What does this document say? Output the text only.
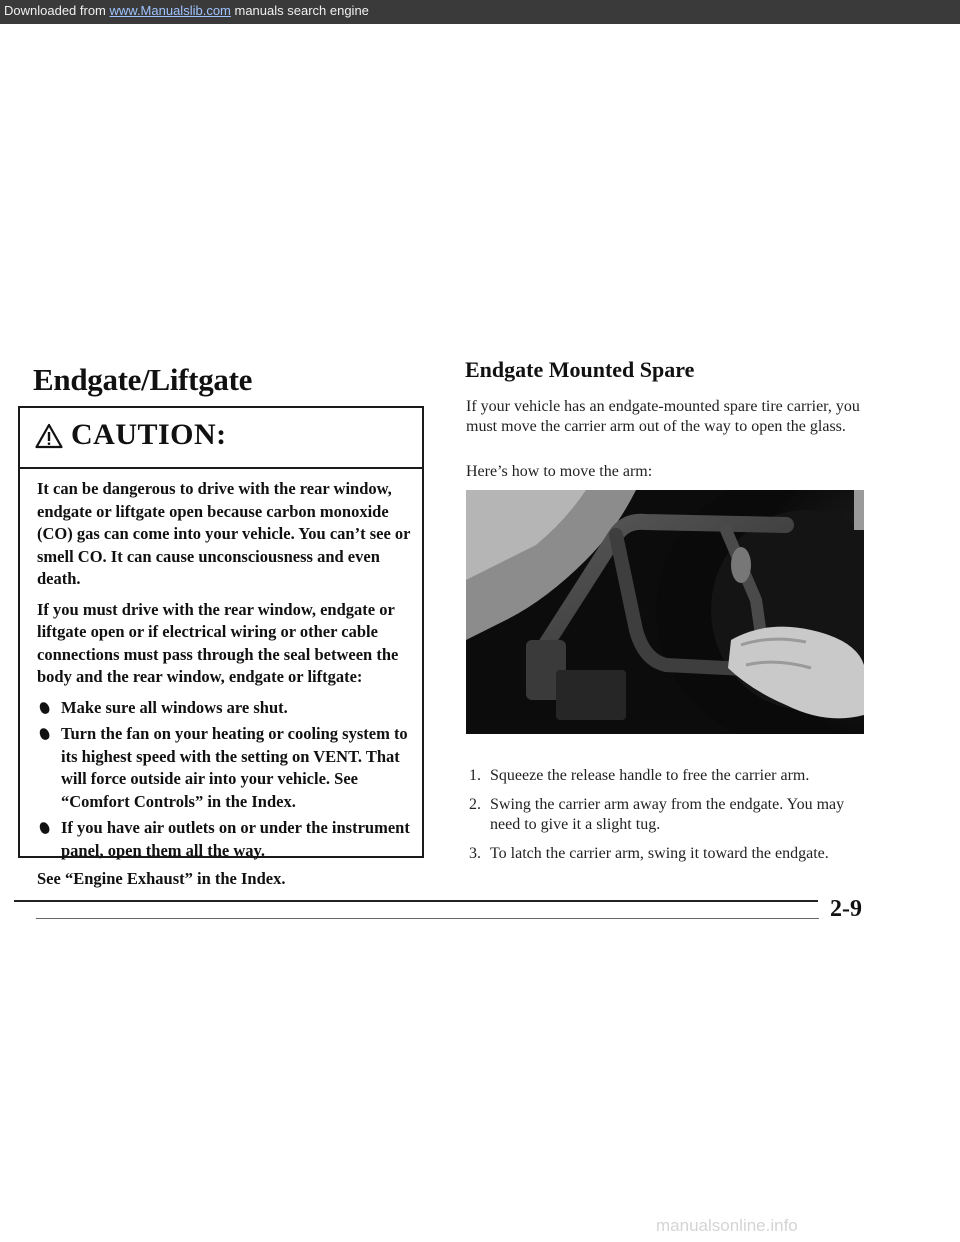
Downloaded from www.Manualslib.com manuals search engine
Endgate/Liftgate
CAUTION:

It can be dangerous to drive with the rear window, endgate or liftgate open because carbon monoxide (CO) gas can come into your vehicle. You can’t see or smell CO. It can cause unconsciousness and even death.

If you must drive with the rear window, endgate or liftgate open or if electrical wiring or other cable connections must pass through the seal between the body and the rear window, endgate or liftgate:

Make sure all windows are shut.
Turn the fan on your heating or cooling system to its highest speed with the setting on VENT. That will force outside air into your vehicle. See “Comfort Controls” in the Index.
If you have air outlets on or under the instrument panel, open them all the way.

See “Engine Exhaust” in the Index.

Endgate Mounted Spare

If your vehicle has an endgate-mounted spare tire carrier, you must move the carrier arm out of the way to open the glass.

Here’s how to move the arm:

1. Squeeze the release handle to free the carrier arm.
2. Swing the carrier arm away from the endgate. You may need to give it a slight tug.
3. To latch the carrier arm, swing it toward the endgate.

2-9

manualsonline.info
